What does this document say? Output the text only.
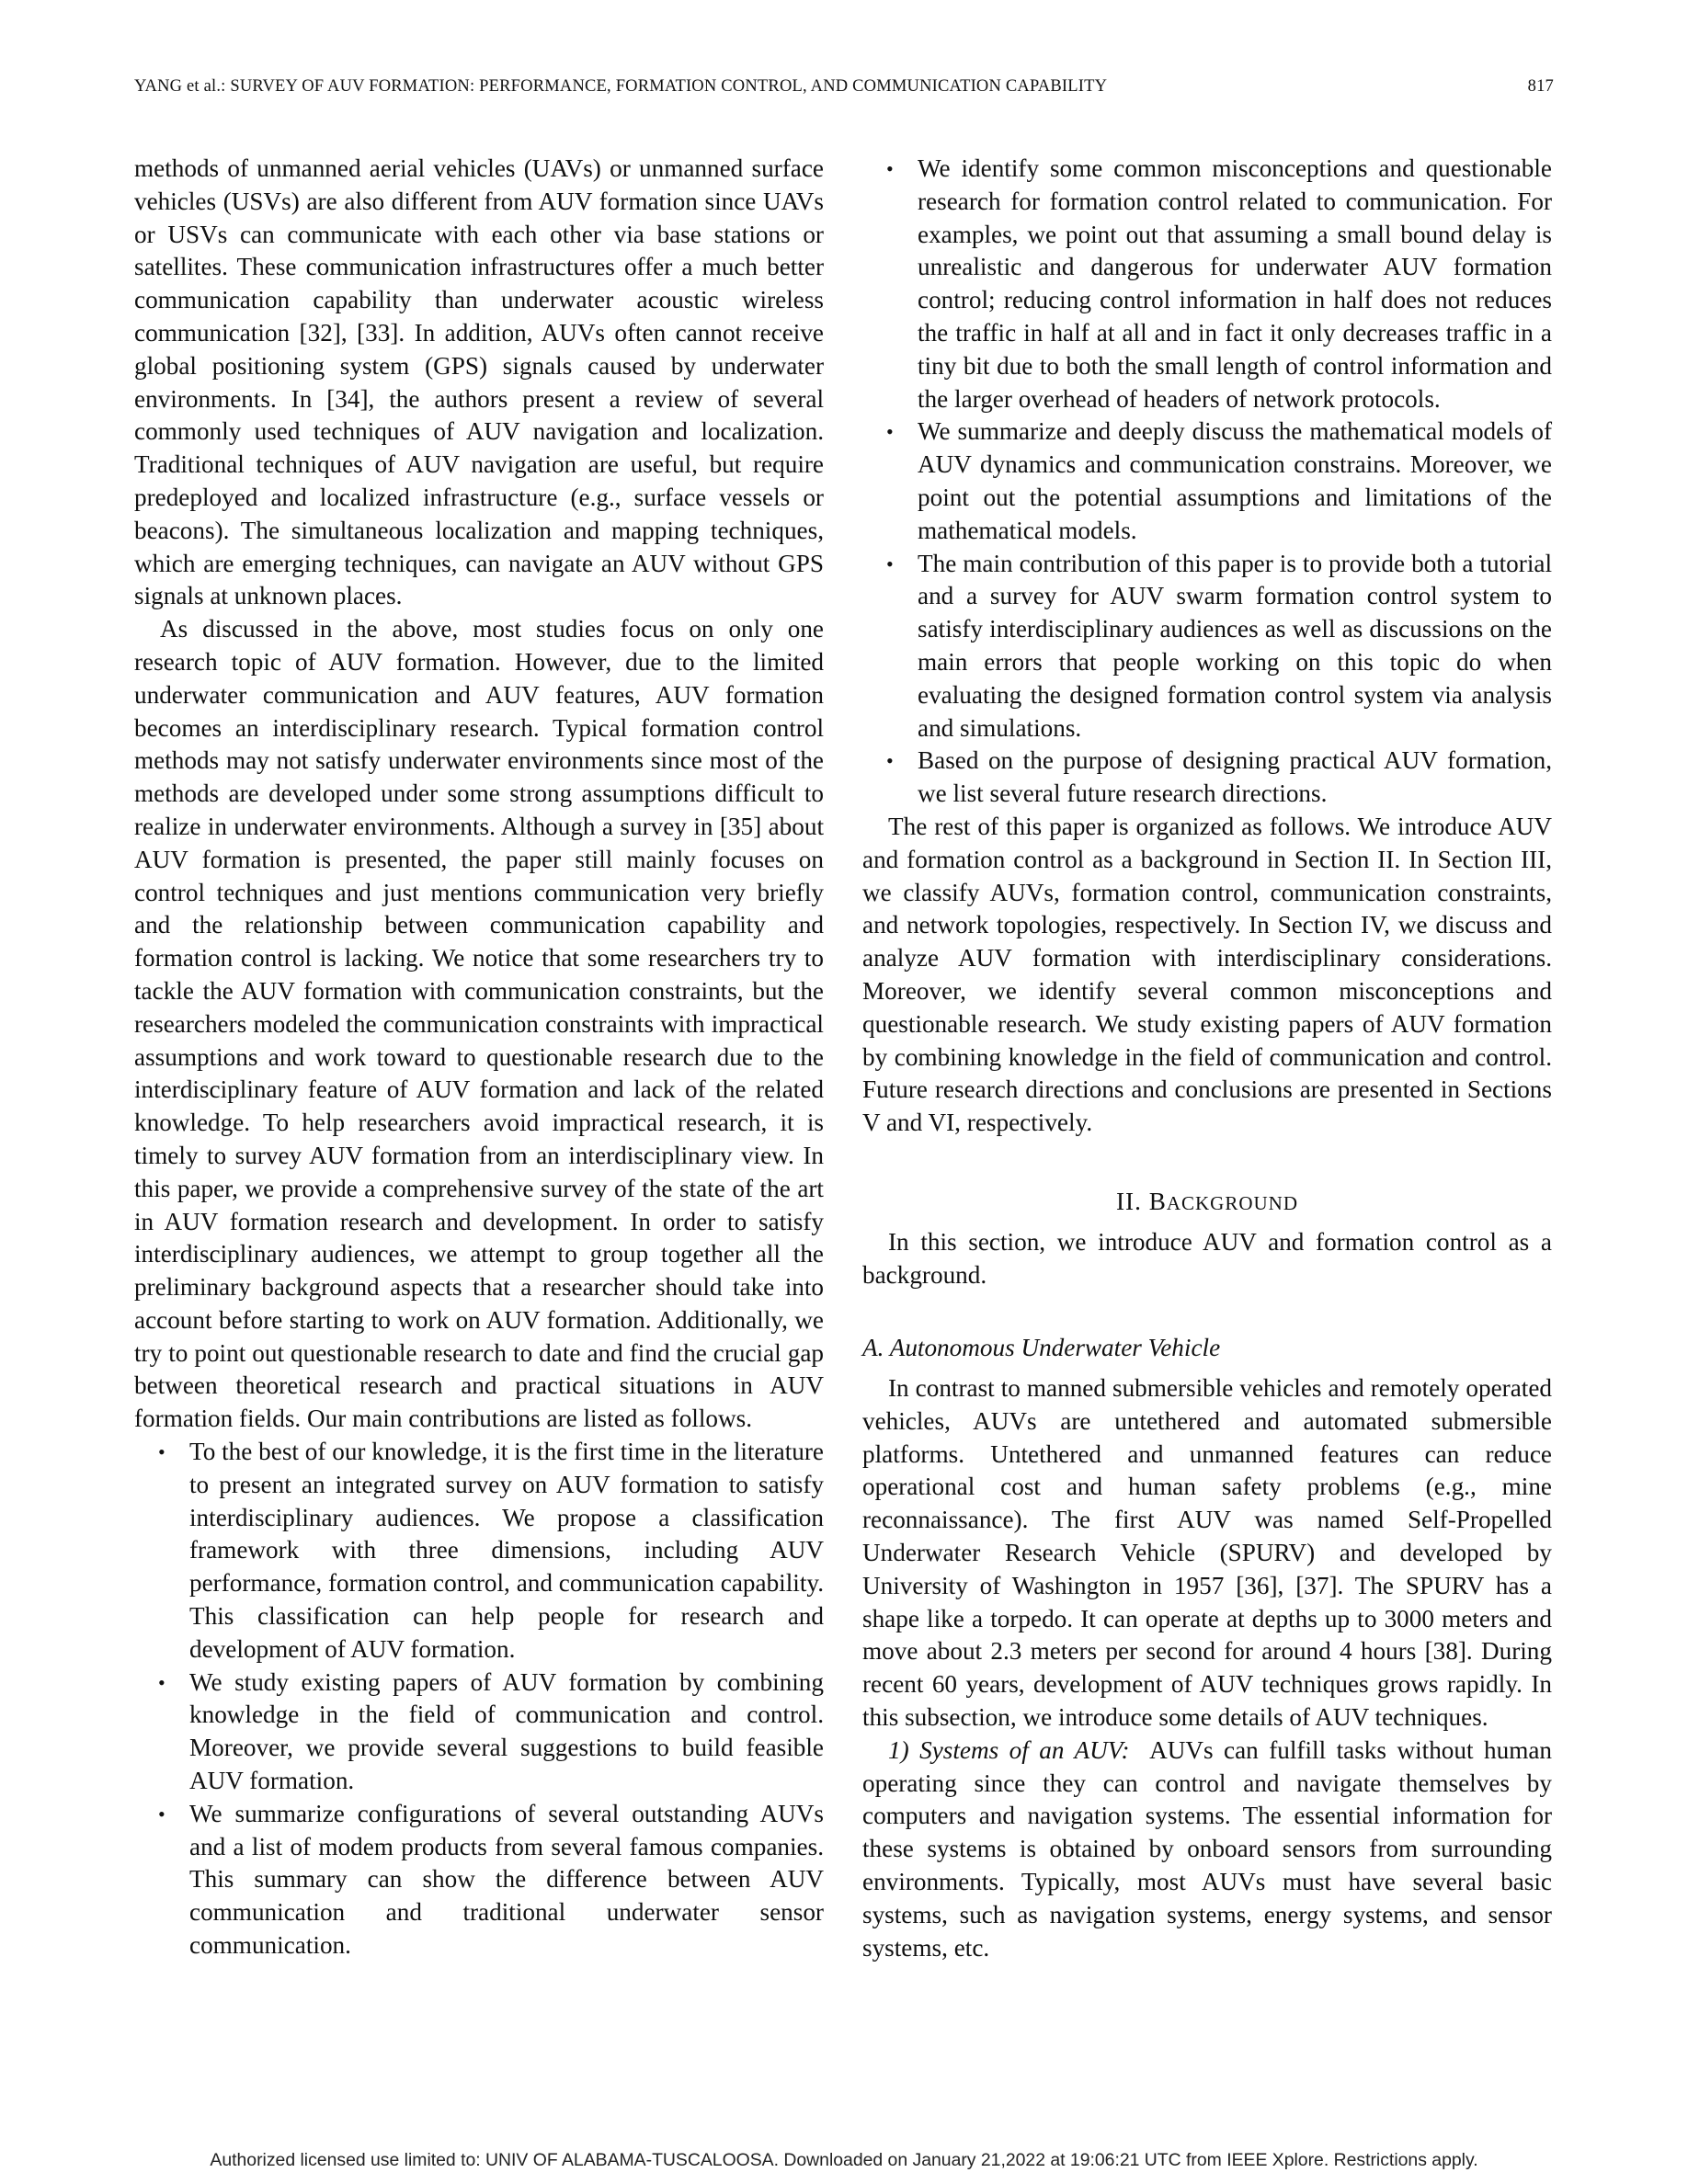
YANG et al.: SURVEY OF AUV FORMATION: PERFORMANCE, FORMATION CONTROL, AND COMMUNICATION CAPABILITY	817

methods of unmanned aerial vehicles (UAVs) or unmanned surface vehicles (USVs) are also different from AUV formation since UAVs or USVs can communicate with each other via base stations or satellites. These communication infrastructures offer a much better communication capability than underwater acoustic wireless communication [32], [33]. In addition, AUVs often cannot receive global positioning system (GPS) signals caused by underwater environments. In [34], the authors present a review of several commonly used techniques of AUV navigation and localization. Traditional techniques of AUV navigation are useful, but require predeployed and localized infrastructure (e.g., surface vessels or beacons). The simultaneous localization and mapping techniques, which are emerging techniques, can navigate an AUV without GPS signals at unknown places.

As discussed in the above, most studies focus on only one research topic of AUV formation. However, due to the limited underwater communication and AUV features, AUV formation becomes an interdisciplinary research. Typical formation control methods may not satisfy underwater environments since most of the methods are developed under some strong assumptions difficult to realize in underwater environments. Although a survey in [35] about AUV formation is presented, the paper still mainly focuses on control techniques and just mentions communication very briefly and the relationship between communication capability and formation control is lacking. We notice that some researchers try to tackle the AUV formation with communication constraints, but the researchers modeled the communication constraints with impractical assumptions and work toward to questionable research due to the interdisciplinary feature of AUV formation and lack of the related knowledge. To help researchers avoid impractical research, it is timely to survey AUV formation from an interdisciplinary view. In this paper, we provide a comprehensive survey of the state of the art in AUV formation research and development. In order to satisfy interdisciplinary audiences, we attempt to group together all the preliminary background aspects that a researcher should take into account before starting to work on AUV formation. Additionally, we try to point out questionable research to date and find the crucial gap between theoretical research and practical situations in AUV formation fields. Our main contributions are listed as follows.

• To the best of our knowledge, it is the first time in the literature to present an integrated survey on AUV formation to satisfy interdisciplinary audiences. We propose a classification framework with three dimensions, including AUV performance, formation control, and communication capability. This classification can help people for research and development of AUV formation.
• We study existing papers of AUV formation by combining knowledge in the field of communication and control. Moreover, we provide several suggestions to build feasible AUV formation.
• We summarize configurations of several outstanding AUVs and a list of modem products from several famous companies. This summary can show the difference between AUV communication and traditional underwater sensor communication.
• We identify some common misconceptions and questionable research for formation control related to communication. For examples, we point out that assuming a small bound delay is unrealistic and dangerous for underwater AUV formation control; reducing control information in half does not reduces the traffic in half at all and in fact it only decreases traffic in a tiny bit due to both the small length of control information and the larger overhead of headers of network protocols.
• We summarize and deeply discuss the mathematical models of AUV dynamics and communication constrains. Moreover, we point out the potential assumptions and limitations of the mathematical models.
• The main contribution of this paper is to provide both a tutorial and a survey for AUV swarm formation control system to satisfy interdisciplinary audiences as well as discussions on the main errors that people working on this topic do when evaluating the designed formation control system via analysis and simulations.
• Based on the purpose of designing practical AUV formation, we list several future research directions.

The rest of this paper is organized as follows. We introduce AUV and formation control as a background in Section II. In Section III, we classify AUVs, formation control, communication constraints, and network topologies, respectively. In Section IV, we discuss and analyze AUV formation with interdisciplinary considerations. Moreover, we identify several common misconceptions and questionable research. We study existing papers of AUV formation by combining knowledge in the field of communication and control. Future research directions and conclusions are presented in Sections V and VI, respectively.

II. BACKGROUND

In this section, we introduce AUV and formation control as a background.

A. Autonomous Underwater Vehicle

In contrast to manned submersible vehicles and remotely operated vehicles, AUVs are untethered and automated submersible platforms. Untethered and unmanned features can reduce operational cost and human safety problems (e.g., mine reconnaissance). The first AUV was named Self-Propelled Underwater Research Vehicle (SPURV) and developed by University of Washington in 1957 [36], [37]. The SPURV has a shape like a torpedo. It can operate at depths up to 3000 meters and move about 2.3 meters per second for around 4 hours [38]. During recent 60 years, development of AUV techniques grows rapidly. In this subsection, we introduce some details of AUV techniques.

1) Systems of an AUV: AUVs can fulfill tasks without human operating since they can control and navigate themselves by computers and navigation systems. The essential information for these systems is obtained by onboard sensors from surrounding environments. Typically, most AUVs must have several basic systems, such as navigation systems, energy systems, and sensor systems, etc.

Authorized licensed use limited to: UNIV OF ALABAMA-TUSCALOOSA. Downloaded on January 21,2022 at 19:06:21 UTC from IEEE Xplore. Restrictions apply.
